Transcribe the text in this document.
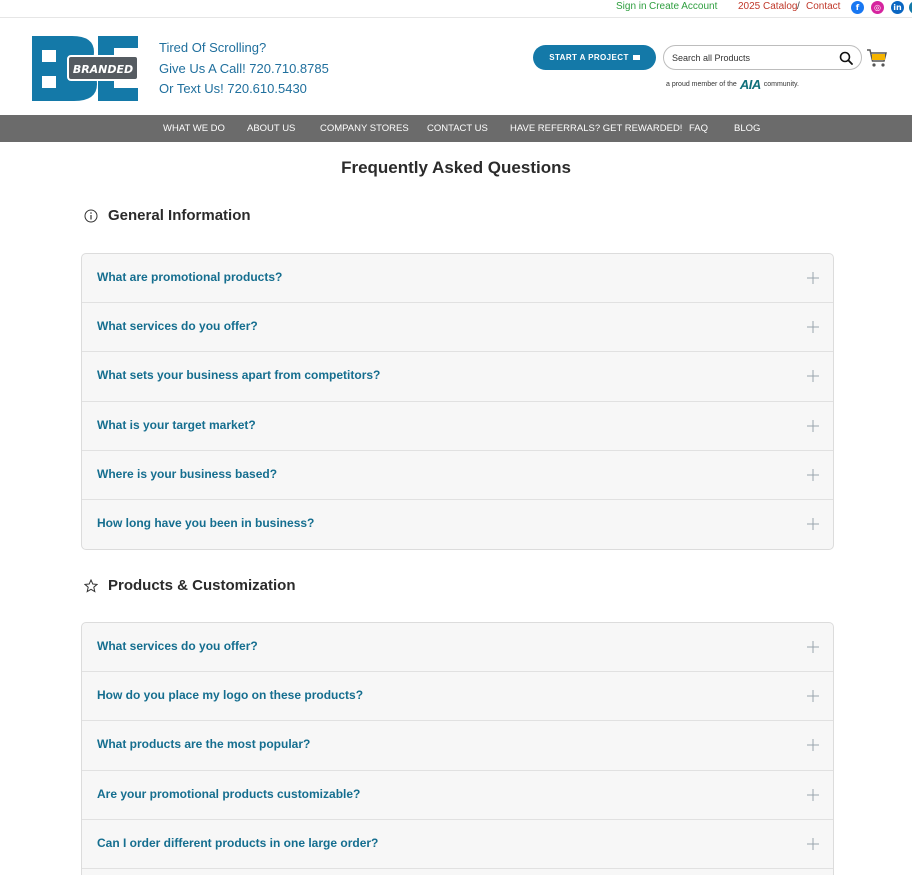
Sign in Create Account 2025 Catalog / Contact	f	◎	in
BRANDED
Tired Of Scrolling?
Give Us A Call! 720.710.8785
Or Text Us! 720.610.5430
START A PROJECT
Search all Products
a proud member of the AIA community.
WHAT WE DO ABOUT US	COMPANY STORES CONTACT US HAVE REFERRALS? GET REWARDED! FAQ	BLOG
Frequently Asked Questions
General Information
What are promotional products?
What services do you offer?
What sets your business apart from competitors?
What is your target market?
Where is your business based?
How long have you been in business?
Products & Customization
What services do you offer?
How do you place my logo on these products?
What products are the most popular?
Are your promotional products customizable?
Can I order different products in one large order?
